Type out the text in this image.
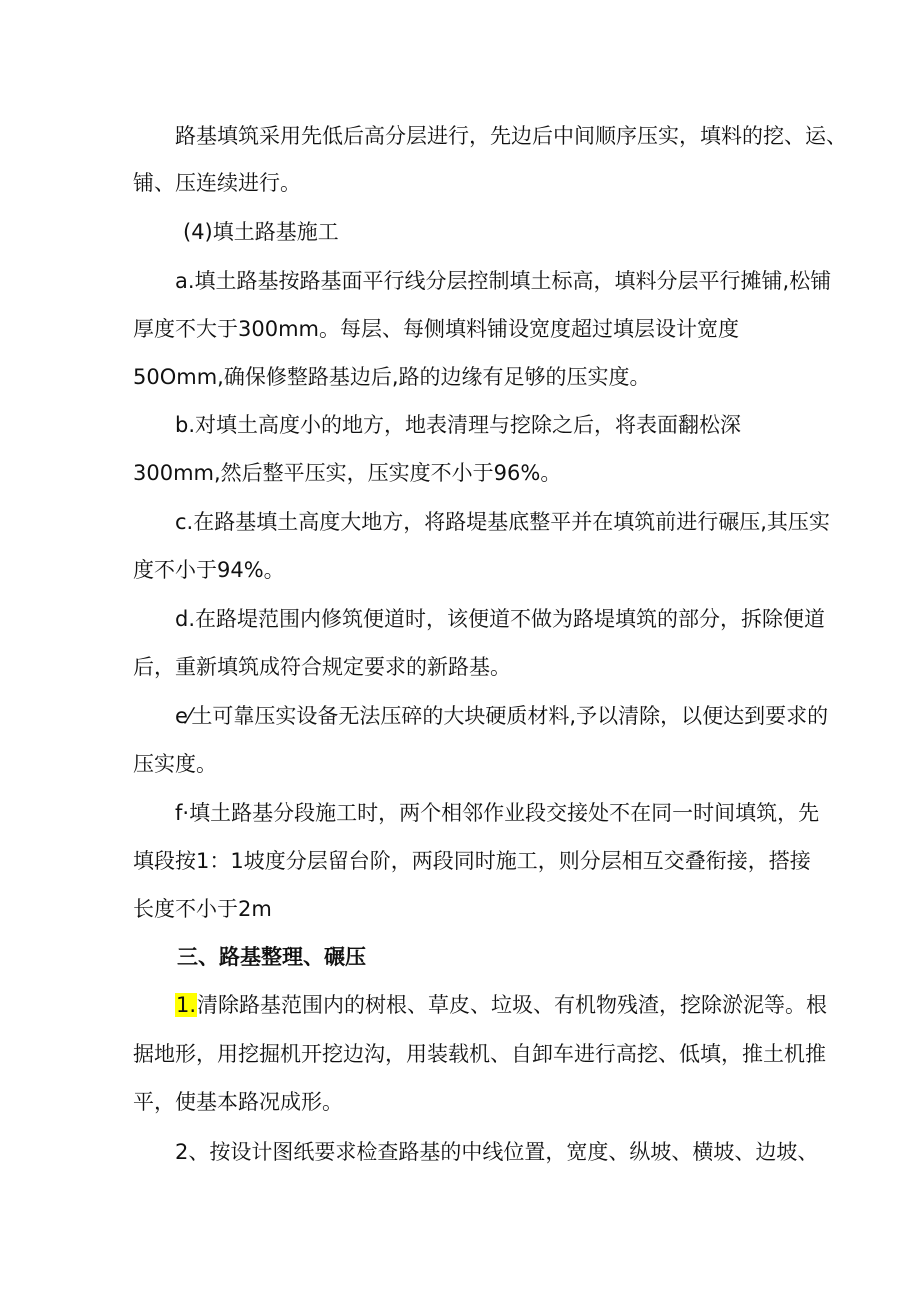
路基填筑采用先低后高分层进行，先边后中间顺序压实，填料的挖、运、
铺、压连续进行。
(4)填土路基施工
a.填土路基按路基面平行线分层控制填土标高，填料分层平行摊铺,松铺
厚度不大于300mm。每层、每侧填料铺设宽度超过填层设计宽度
50Omm,确保修整路基边后,路的边缘有足够的压实度。
b.对填土高度小的地方，地表清理与挖除之后，将表面翻松深
300mm,然后整平压实，压实度不小于96%。
c.在路基填土高度大地方，将路堤基底整平并在填筑前进行碾压,其压实
度不小于94%。
d.在路堤范围内修筑便道时，该便道不做为路堤填筑的部分，拆除便道
后，重新填筑成符合规定要求的新路基。
e⁄土可靠压实设备无法压碎的大块硬质材料,予以清除，以便达到要求的
压实度。
f·填土路基分段施工时，两个相邻作业段交接处不在同一时间填筑，先
填段按1：1坡度分层留台阶，两段同时施工，则分层相互交叠衔接，搭接
长度不小于2m
三、路基整理、碾压
1.清除路基范围内的树根、草皮、垃圾、有机物残渣，挖除淤泥等。根
据地形，用挖掘机开挖边沟，用装载机、自卸车进行高挖、低填，推土机推
平，使基本路况成形。
2、按设计图纸要求检查路基的中线位置，宽度、纵坡、横坡、边坡、
